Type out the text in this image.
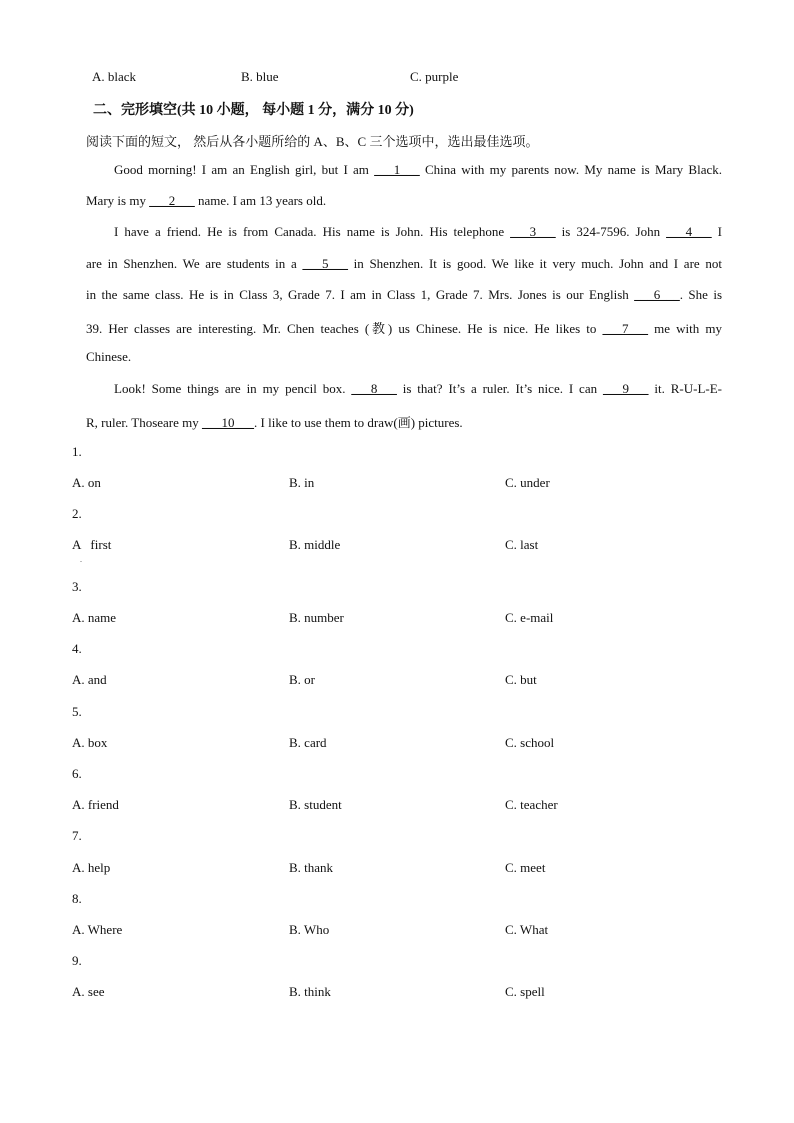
A. black	B. blue	C. purple
二、完形填空(共 10 小题， 每小题 1 分，满分 10 分)
阅读下面的短文， 然后从各小题所给的 A、B、C 三个选项中，选出最佳选项。
Good morning! I am an English girl, but I am ___1___ China with my parents now. My name is Mary Black.
Mary is my ___2___ name. I am 13 years old.
I have a friend. He is from Canada. His name is John. His telephone ___3___ is 324-7596. John ___4___ I
are in Shenzhen. We are students in a ___5___ in Shenzhen. It is good. We like it very much. John and I are not
in the same class. He is in Class 3, Grade 7. I am in Class 1, Grade 7. Mrs. Jones is our English ___6___. She is
39. Her classes are interesting. Mr. Chen teaches (教) us Chinese. He is nice. He likes to ___7___ me with my
Chinese.
Look! Some things are in my pencil box. ___8___ is that? It’s a ruler. It’s nice. I can ___9___ it. R-U-L-E-
R, ruler. Thoseare my ___10___. I like to use them to draw(画) pictures.
1.
A. on	B. in	C. under
2.
A   first	B. middle	C. last
.
3.
A. name	B. number	C. e-mail
4.
A. and	B. or	C. but
5.
A. box	B. card	C. school
6.
A. friend	B. student	C. teacher
7.
A. help	B. thank	C. meet
8.
A. Where	B. Who	C. What
9.
A. see	B. think	C. spell
